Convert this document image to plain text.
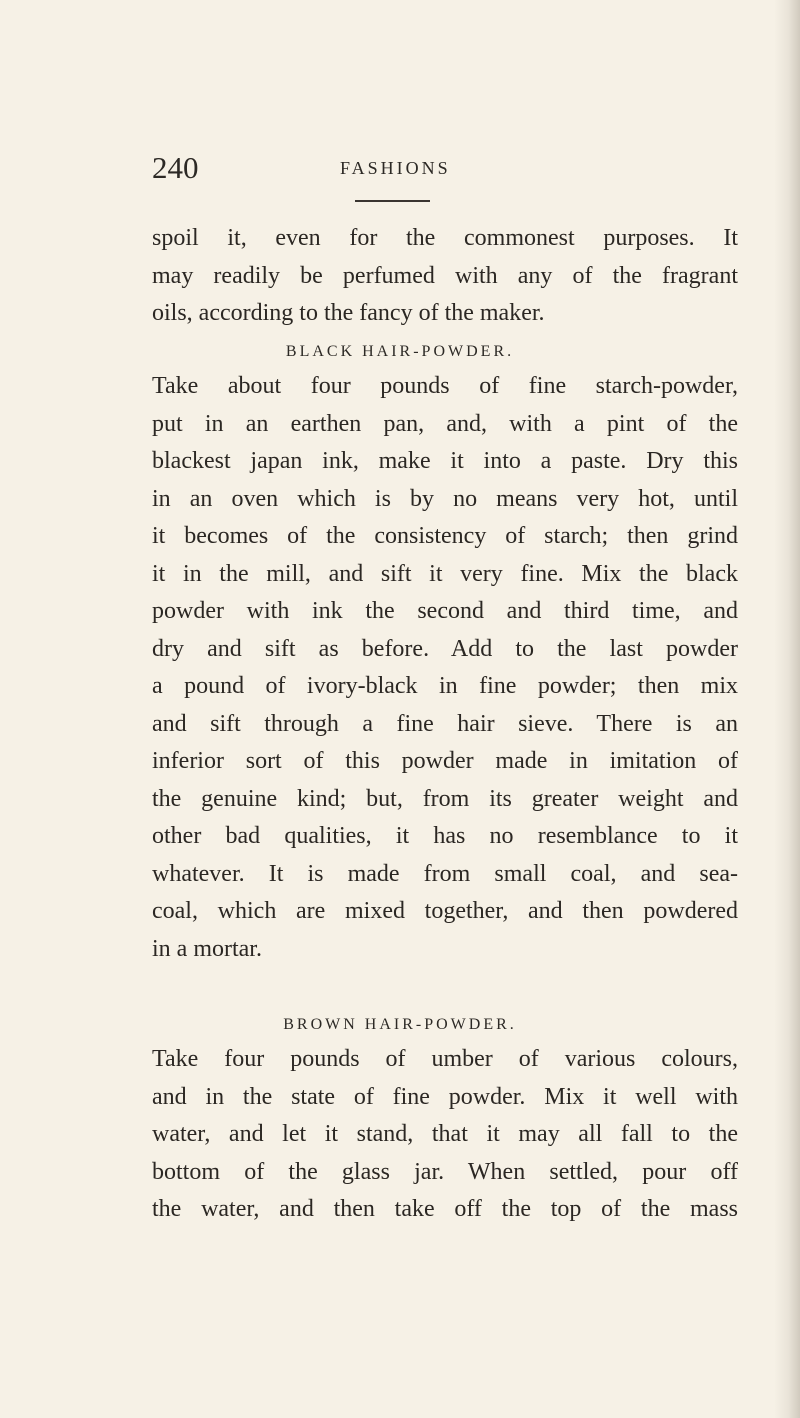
240	FASHIONS
spoil it, even for the commonest purposes. It
may readily be perfumed with any of the fragrant
oils, according to the fancy of the maker.
BLACK HAIR-POWDER.
Take about four pounds of fine starch-powder,
put in an earthen pan, and, with a pint of the
blackest japan ink, make it into a paste. Dry this
in an oven which is by no means very hot, until
it becomes of the consistency of starch; then grind
it in the mill, and sift it very fine. Mix the black
powder with ink the second and third time, and
dry and sift as before. Add to the last powder
a pound of ivory-black in fine powder; then mix
and sift through a fine hair sieve. There is an
inferior sort of this powder made in imitation of
the genuine kind; but, from its greater weight and
other bad qualities, it has no resemblance to it
whatever. It is made from small coal, and sea-
coal, which are mixed together, and then powdered
in a mortar.
BROWN HAIR-POWDER.
Take four pounds of umber of various colours,
and in the state of fine powder. Mix it well with
water, and let it stand, that it may all fall to the
bottom of the glass jar. When settled, pour off
the water, and then take off the top of the mass
